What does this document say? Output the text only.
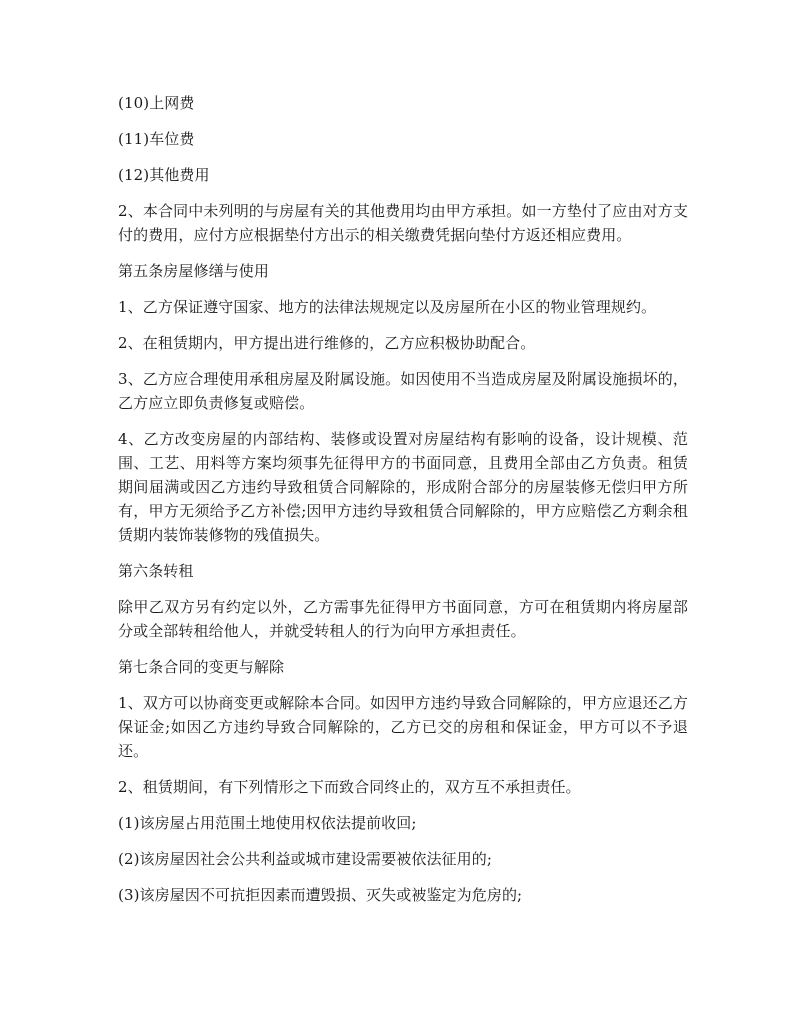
(10)上网费

(11)车位费

(12)其他费用

2、本合同中未列明的与房屋有关的其他费用均由甲方承担。如一方垫付了应由对方支付的费用，应付方应根据垫付方出示的相关缴费凭据向垫付方返还相应费用。

第五条房屋修缮与使用

1、乙方保证遵守国家、地方的法律法规规定以及房屋所在小区的物业管理规约。

2、在租赁期内，甲方提出进行维修的，乙方应积极协助配合。

3、乙方应合理使用承租房屋及附属设施。如因使用不当造成房屋及附属设施损坏的，乙方应立即负责修复或赔偿。

4、乙方改变房屋的内部结构、装修或设置对房屋结构有影响的设备，设计规模、范围、工艺、用料等方案均须事先征得甲方的书面同意，且费用全部由乙方负责。租赁期间届满或因乙方违约导致租赁合同解除的，形成附合部分的房屋装修无偿归甲方所有，甲方无须给予乙方补偿;因甲方违约导致租赁合同解除的，甲方应赔偿乙方剩余租赁期内装饰装修物的残值损失。

第六条转租

除甲乙双方另有约定以外，乙方需事先征得甲方书面同意，方可在租赁期内将房屋部分或全部转租给他人，并就受转租人的行为向甲方承担责任。

第七条合同的变更与解除

1、双方可以协商变更或解除本合同。如因甲方违约导致合同解除的，甲方应退还乙方保证金;如因乙方违约导致合同解除的，乙方已交的房租和保证金，甲方可以不予退还。

2、租赁期间，有下列情形之下而致合同终止的，双方互不承担责任。

(1)该房屋占用范围土地使用权依法提前收回;

(2)该房屋因社会公共利益或城市建设需要被依法征用的;

(3)该房屋因不可抗拒因素而遭毁损、灭失或被鉴定为危房的;
